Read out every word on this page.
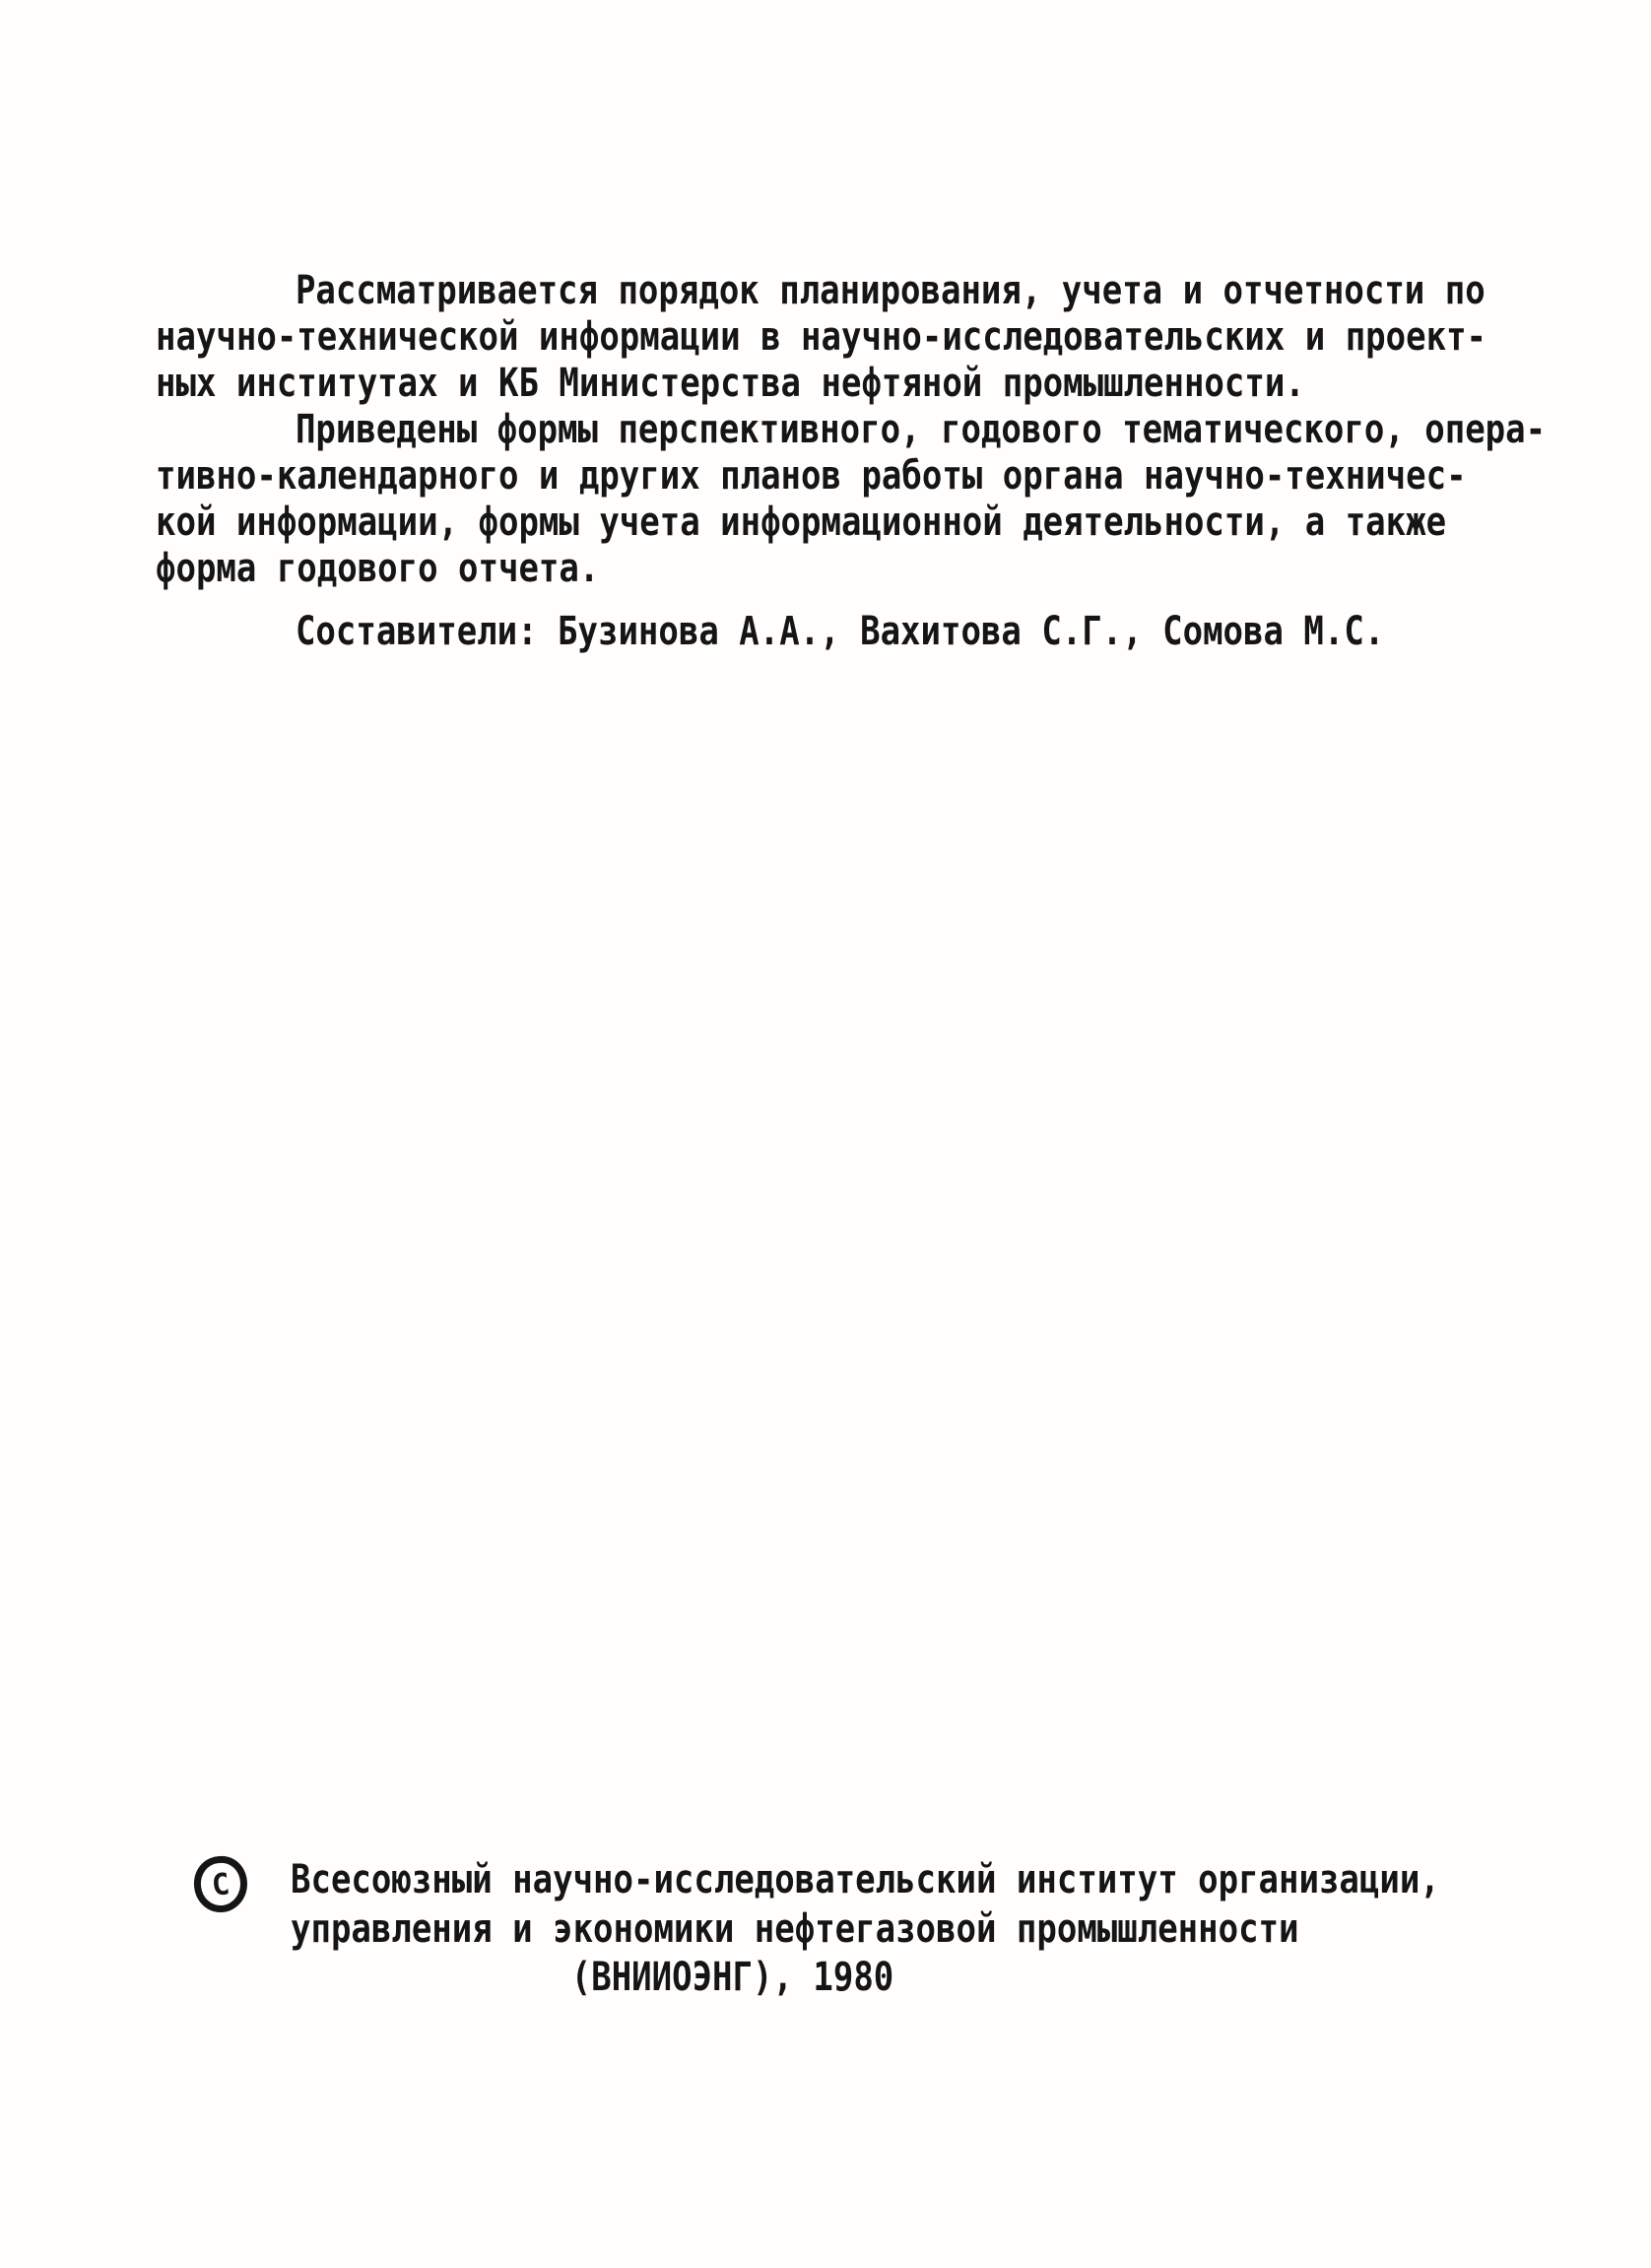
Рассматривается порядок планирования, учета и отчетности по
научно-технической информации в научно-исследовательских и проект-
ных институтах и КБ Министерства нефтяной промышленности.
Приведены формы перспективного, годового тематического, опера-
тивно-календарного и других планов работы органа научно-техничес-
кой информации, формы учета информационной деятельности, а также
форма годового отчета.
Составители: Бузинова А.А., Вахитова С.Г., Сомова М.С.
С Всесоюзный научно-исследовательский институт организации,
управления и экономики нефтегазовой промышленности
(ВНИИОЭНГ), 1980
